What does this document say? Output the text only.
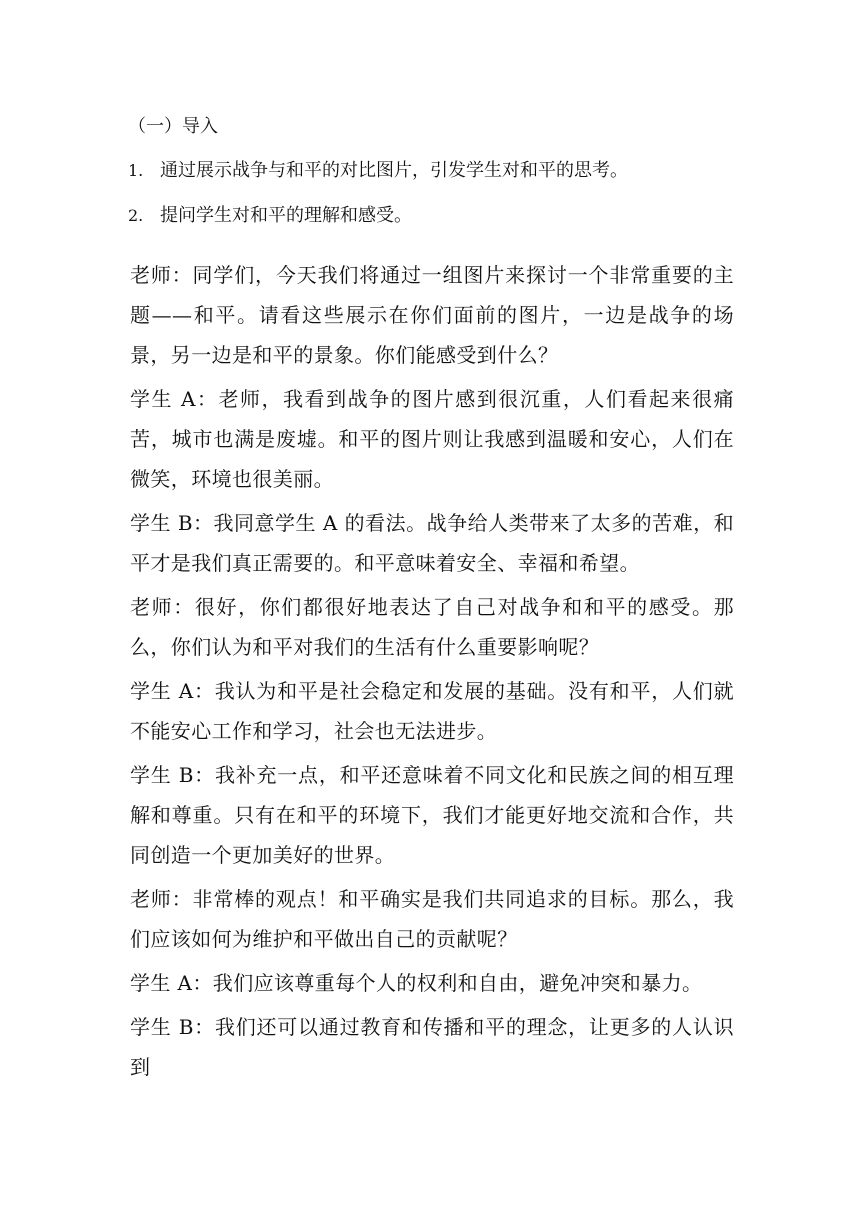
（一）导入
1. 通过展示战争与和平的对比图片，引发学生对和平的思考。
2. 提问学生对和平的理解和感受。

老师：同学们，今天我们将通过一组图片来探讨一个非常重要的主题——和平。请看这些展示在你们面前的图片，一边是战争的场景，另一边是和平的景象。你们能感受到什么？

学生 A：老师，我看到战争的图片感到很沉重，人们看起来很痛苦，城市也满是废墟。和平的图片则让我感到温暖和安心，人们在微笑，环境也很美丽。

学生 B：我同意学生 A 的看法。战争给人类带来了太多的苦难，和平才是我们真正需要的。和平意味着安全、幸福和希望。

老师：很好，你们都很好地表达了自己对战争和和平的感受。那么，你们认为和平对我们的生活有什么重要影响呢？

学生 A：我认为和平是社会稳定和发展的基础。没有和平，人们就不能安心工作和学习，社会也无法进步。

学生 B：我补充一点，和平还意味着不同文化和民族之间的相互理解和尊重。只有在和平的环境下，我们才能更好地交流和合作，共同创造一个更加美好的世界。

老师：非常棒的观点！和平确实是我们共同追求的目标。那么，我们应该如何为维护和平做出自己的贡献呢？

学生 A：我们应该尊重每个人的权利和自由，避免冲突和暴力。

学生 B：我们还可以通过教育和传播和平的理念，让更多的人认识到
